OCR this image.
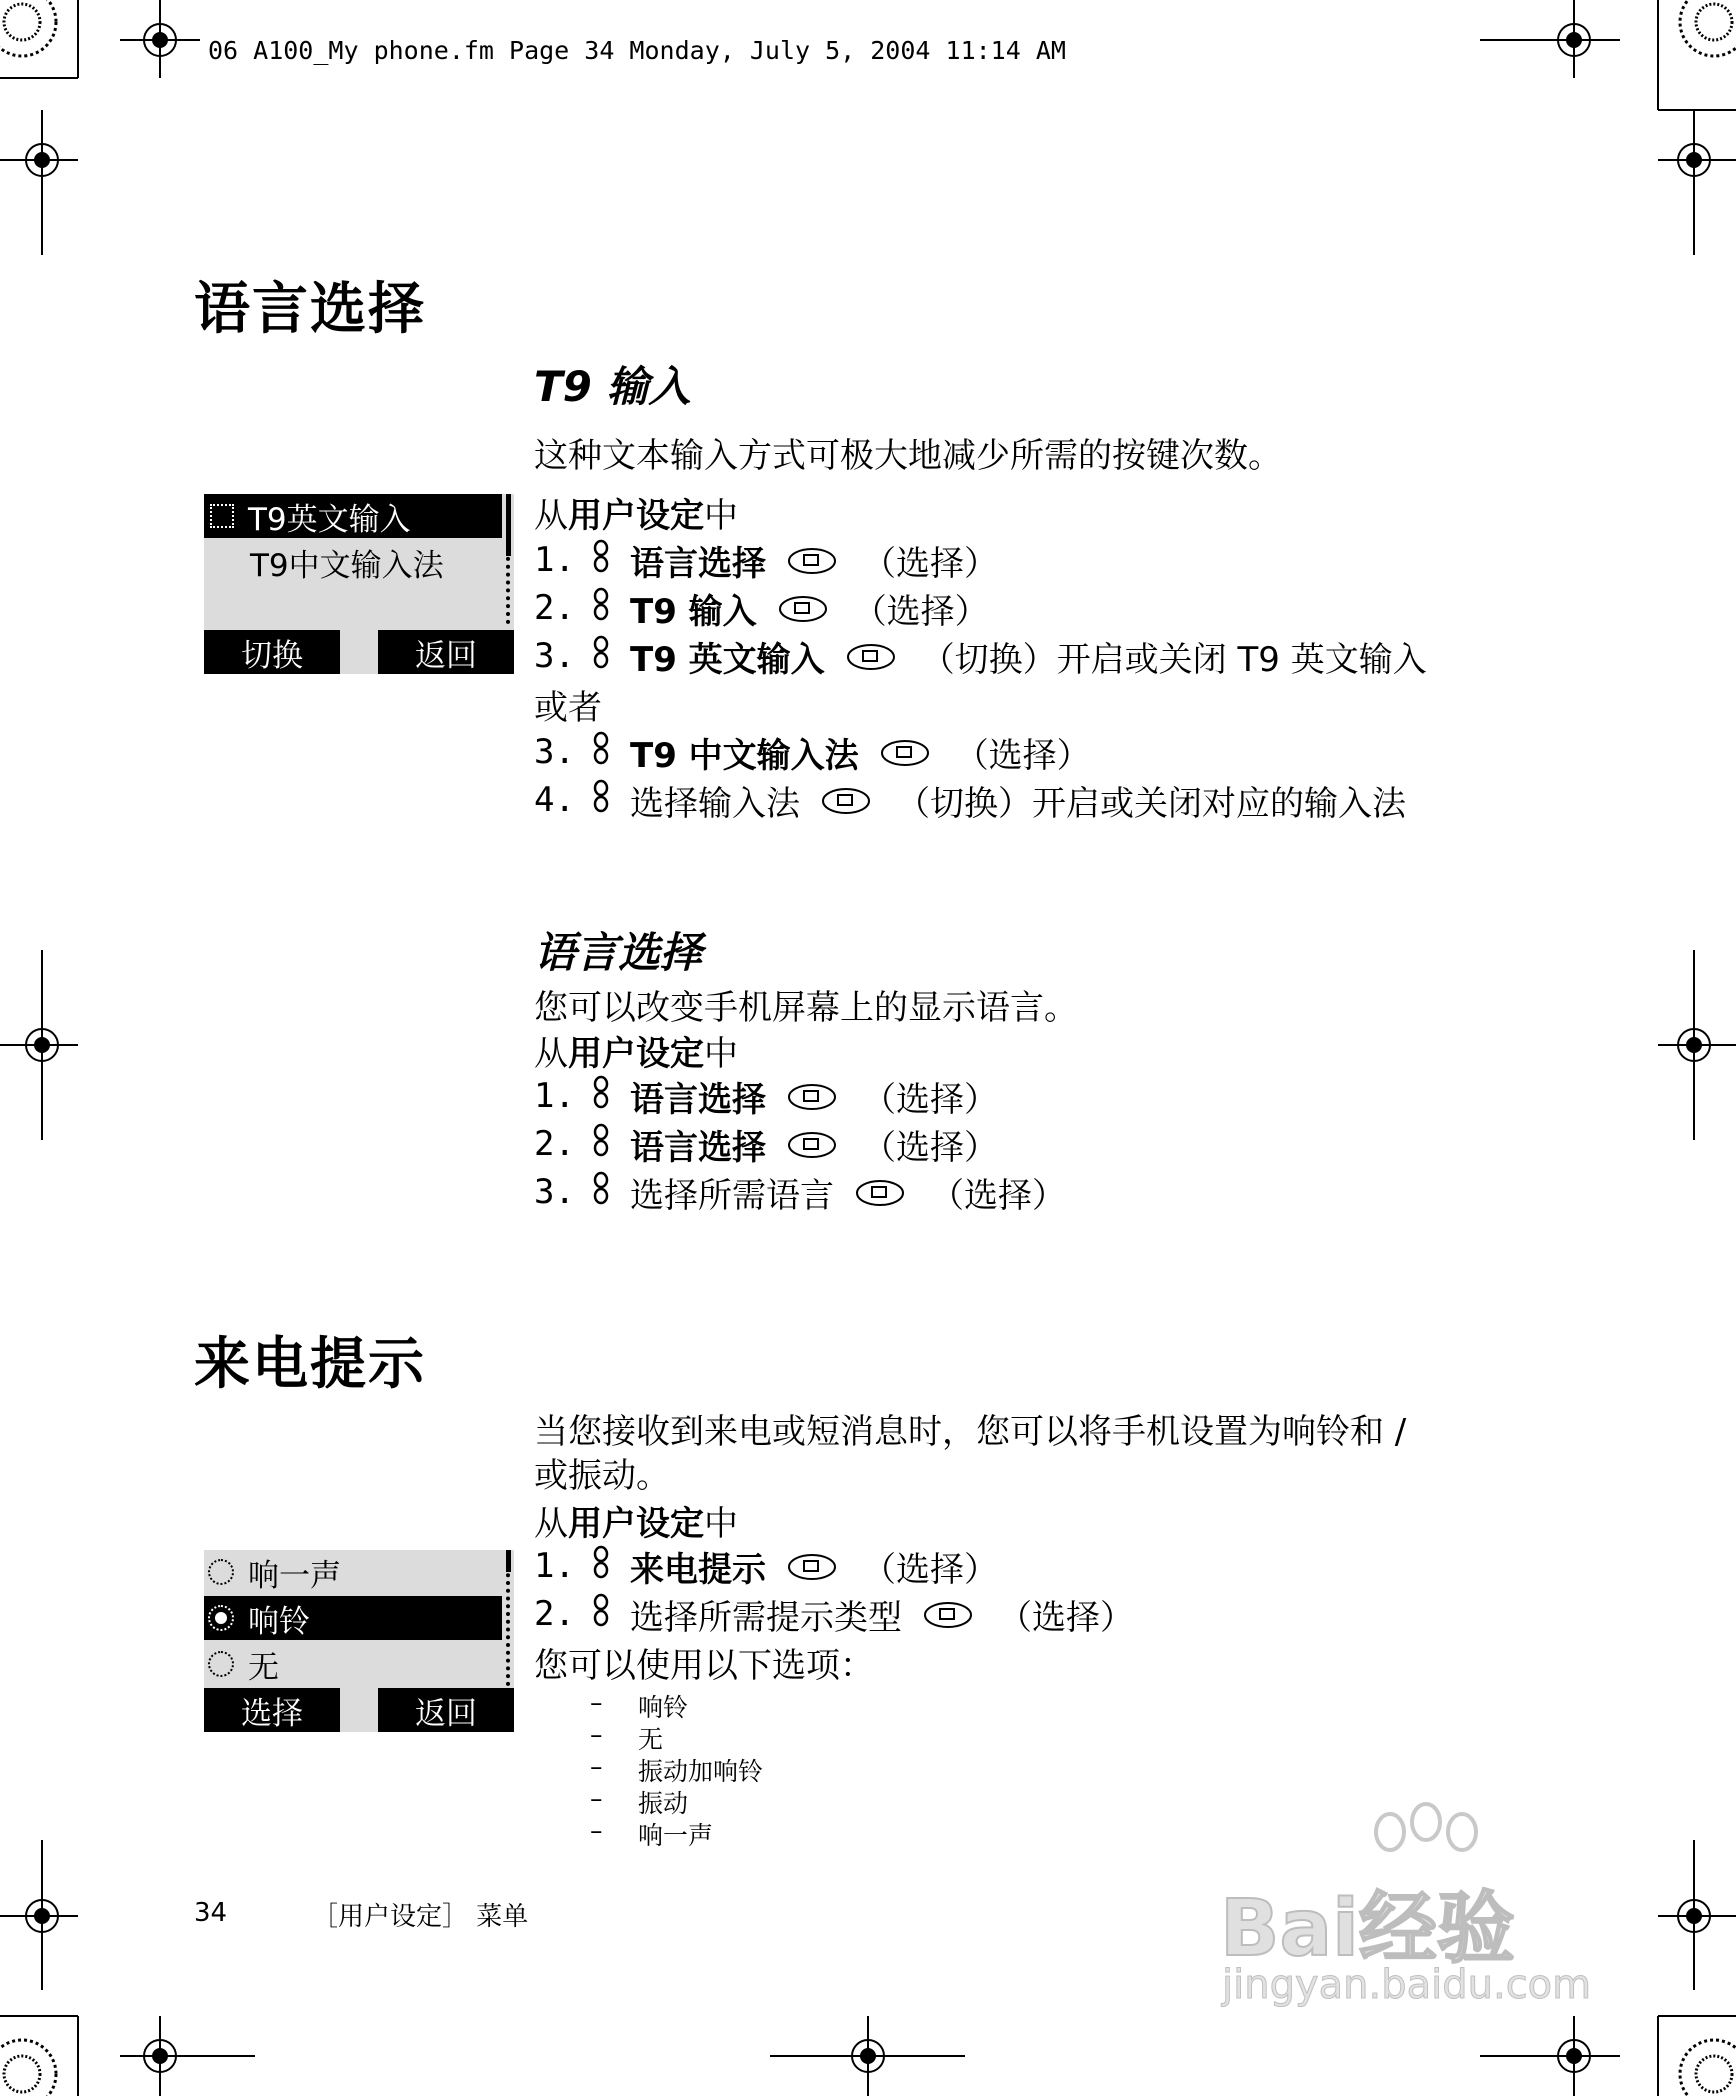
06 A100_My phone.fm Page 34 Monday, July 5, 2004 11:14 AM
语言选择
T9 输入
这种文本输入方式可极大地减少所需的按键次数。
从用户设定中
1.	语言选择	（选择）
2.	T9 输入	（选择）
3.	T9 英文输入	（切换） 开启或关闭 T9 英文输入
或者
3.	T9 中文输入法	（选择）
4.	选择输入法	（切换） 开启或关闭对应的输入法
T9英文输入
T9中文输入法
切换	返回
语言选择
您可以改变手机屏幕上的显示语言。
从用户设定中
1.	语言选择	（选择）
2.	语言选择	（选择）
3.	选择所需语言	（选择）
来电提示
当您接收到来电或短消息时，您可以将手机设置为响铃和 /
或振动。
从用户设定中
1.	来电提示	（选择）
2.	选择所需提示类型	（选择）
您可以使用以下选项：
–	响铃
–	无
–	振动加响铃
–	振动
–	响一声
响一声
响铃
无
选择	返回
34	［用户设定］ 菜单	Bai经验
jingyan.baidu.com
